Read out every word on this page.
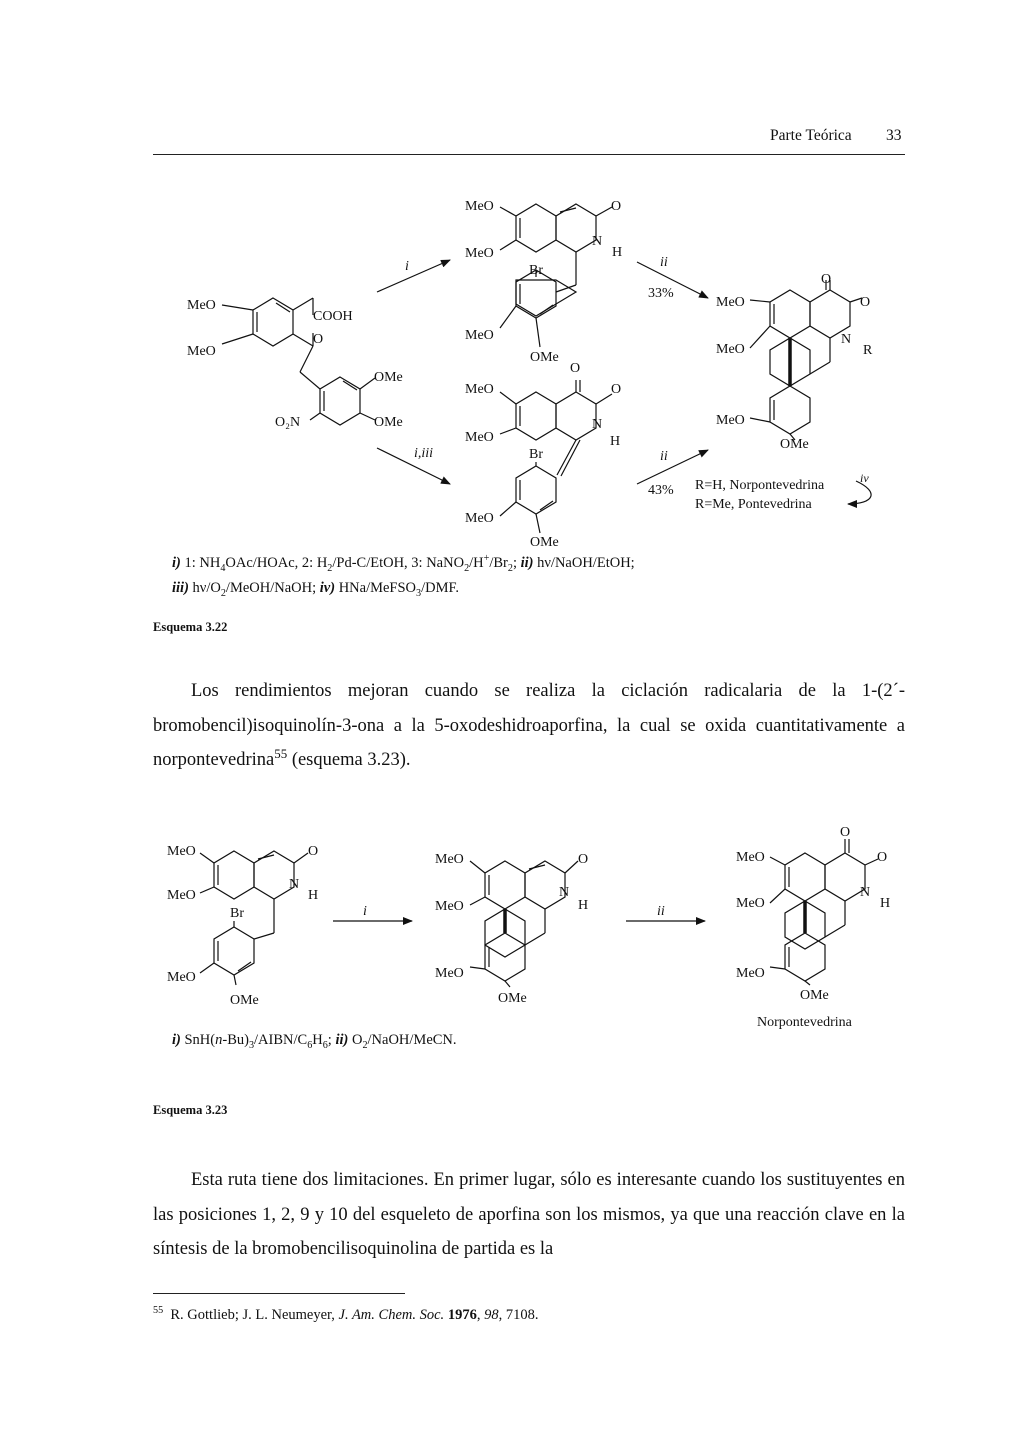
Parte Teórica 33
MeO
MeO
COOH
O
OMe
OMe
O₂N
MeO
MeO
O
N
H
Br
MeO
OMe
O
MeO	O
MeO
N
H
Br
MeO
OMe
O
O
MeO
MeO
N
R
MeO
OMe
i
i,iii
ii
ii
iv
33%
43% R=H, Norpontevedrina
R=Me, Pontevedrina
i) 1: $NH_4OAc$/HOAc, 2: $H_2/Pd-C$/EtOH, 3: $NaNO_2/H^+/Br_2$; ii) hν/NaOH/EtOH;
iii) $h\nu/O_2/MeOH$/NaOH; iv) HNa/MeFSO$_3$/DMF.
Esquema 3.22
Los rendimientos mejoran cuando se realiza la ciclación radicalaria de la 1-(2´-bromobencil)isoquinolín-3-ona a la 5-oxodeshidroaporfina, la cual se oxida cuantitativamente a norpontevedrina$^{55}$ (esquema 3.23).
MeO
MeO
O
N
H
Br
MeO
OMe
MeO
MeO
O
N
H
MeO
OMe
O
O
MeO
MeO
N
H
MeO
OMe
Norpontevedrina
i	ii
i) $SnH(n-Bu)_3/AIBN/C_6H_6$; ii) $O_2/NaOH$/MeCN.
Esquema 3.23
Esta ruta tiene dos limitaciones. En primer lugar, sólo es interesante cuando los sustituyentes en las posiciones 1, 2, 9 y 10 del esqueleto de aporfina son los mismos, ya que una reacción clave en la síntesis de la bromobencilisoquinolina de partida es la
$^{55}$ R. Gottlieb; J. L. Neumeyer, J. Am. Chem. Soc. 1976, 98, 7108.
